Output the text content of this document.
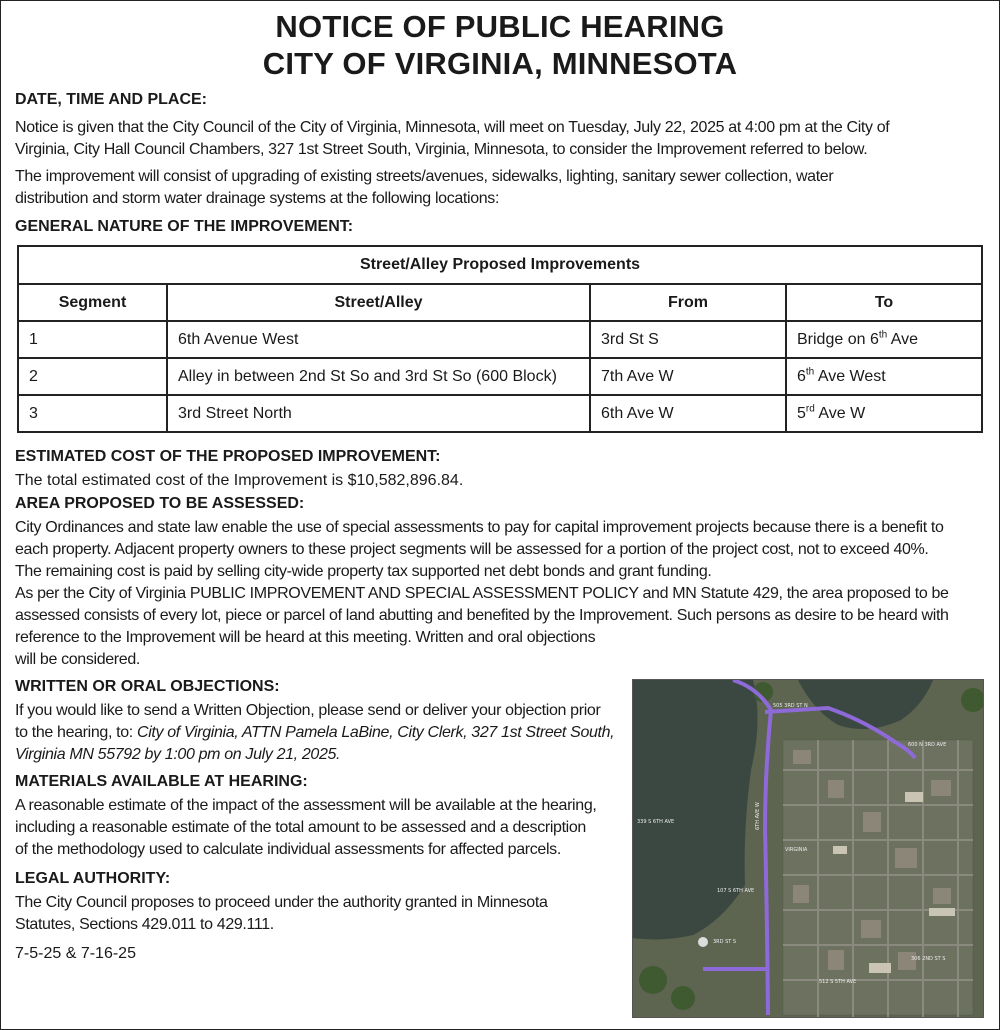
NOTICE OF PUBLIC HEARING
CITY OF VIRGINIA, MINNESOTA
DATE, TIME AND PLACE:
Notice is given that the City Council of the City of Virginia, Minnesota, will meet on Tuesday, July 22, 2025 at 4:00 pm at the City of
Virginia, City Hall Council Chambers, 327 1st Street South, Virginia, Minnesota, to consider the Improvement referred to below.
The improvement will consist of upgrading of existing streets/avenues, sidewalks, lighting, sanitary sewer collection, water
distribution and storm water drainage systems at the following locations:
GENERAL NATURE OF THE IMPROVEMENT:
Street/Alley Proposed Improvements			
Segment	Street/Alley	From	To
1	6th Avenue West	3rd St S	Bridge on 6th Ave
2	Alley in between 2nd St So and 3rd St So (600 Block)	7th Ave W	6th Ave West
3	3rd Street North	6th Ave W	5rd Ave W
ESTIMATED COST OF THE PROPOSED IMPROVEMENT:
The total estimated cost of the Improvement is $10,582,896.84.
AREA PROPOSED TO BE ASSESSED:
City Ordinances and state law enable the use of special assessments to pay for capital improvement projects because there is a benefit to
each property. Adjacent property owners to these project segments will be assessed for a portion of the project cost, not to exceed 40%.
The remaining cost is paid by selling city-wide property tax supported net debt bonds and grant funding.
As per the City of Virginia PUBLIC IMPROVEMENT AND SPECIAL ASSESSMENT POLICY and MN Statute 429, the area proposed to be
assessed consists of every lot, piece or parcel of land abutting and benefited by the Improvement. Such persons as desire to be heard with
reference to the Improvement will be heard at this meeting. Written and oral objections
will be considered.
WRITTEN OR ORAL OBJECTIONS:
If you would like to send a Written Objection, please send or deliver your objection prior
to the hearing, to: City of Virginia, ATTN Pamela LaBine, City Clerk, 327 1st Street South,
Virginia MN 55792 by 1:00 pm on July 21, 2025.
MATERIALS AVAILABLE AT HEARING:
A reasonable estimate of the impact of the assessment will be available at the hearing,
including a reasonable estimate of the total amount to be assessed and a description
of the methodology used to calculate individual assessments for affected parcels.
LEGAL AUTHORITY:
The City Council proposes to proceed under the authority granted in Minnesota
Statutes, Sections 429.011 to 429.111.
7-5-25 & 7-16-25
505 3RD ST N
600 N 3RD AVE
339 S 6TH AVE
VIRGINIA
107 S 6TH AVE
3RD ST S
306 2ND ST S
512 S 5TH AVE
6TH AVE W
